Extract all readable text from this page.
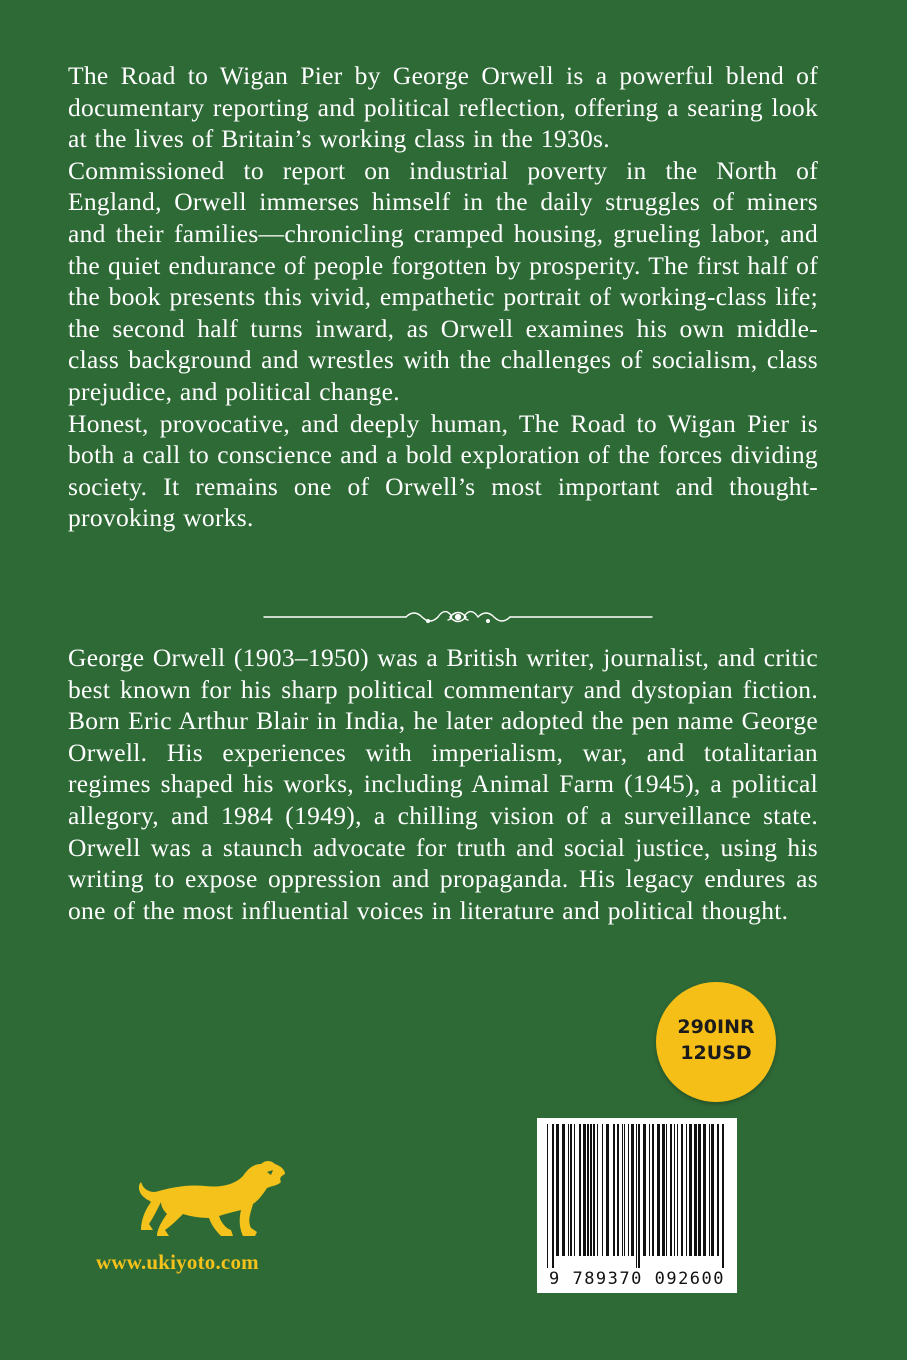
The Road to Wigan Pier by George Orwell is a powerful blend of documentary reporting and political reflection, offering a searing look at the lives of Britain’s working class in the 1930s.

Commissioned to report on industrial poverty in the North of England, Orwell immerses himself in the daily struggles of miners and their families—chronicling cramped housing, grueling labor, and the quiet endurance of people forgotten by prosperity. The first half of the book presents this vivid, empathetic portrait of working-class life; the second half turns inward, as Orwell examines his own middle-class background and wrestles with the challenges of socialism, class prejudice, and political change.

Honest, provocative, and deeply human, The Road to Wigan Pier is both a call to conscience and a bold exploration of the forces dividing society. It remains one of Orwell’s most important and thought-provoking works.

George Orwell (1903–1950) was a British writer, journalist, and critic best known for his sharp political commentary and dystopian fiction. Born Eric Arthur Blair in India, he later adopted the pen name George Orwell. His experiences with imperialism, war, and totalitarian regimes shaped his works, including Animal Farm (1945), a political allegory, and 1984 (1949), a chilling vision of a surveillance state. Orwell was a staunch advocate for truth and social justice, using his writing to expose oppression and propaganda. His legacy endures as one of the most influential voices in literature and political thought.
290INR
12USD
9 789370 092600
www.ukiyoto.com
